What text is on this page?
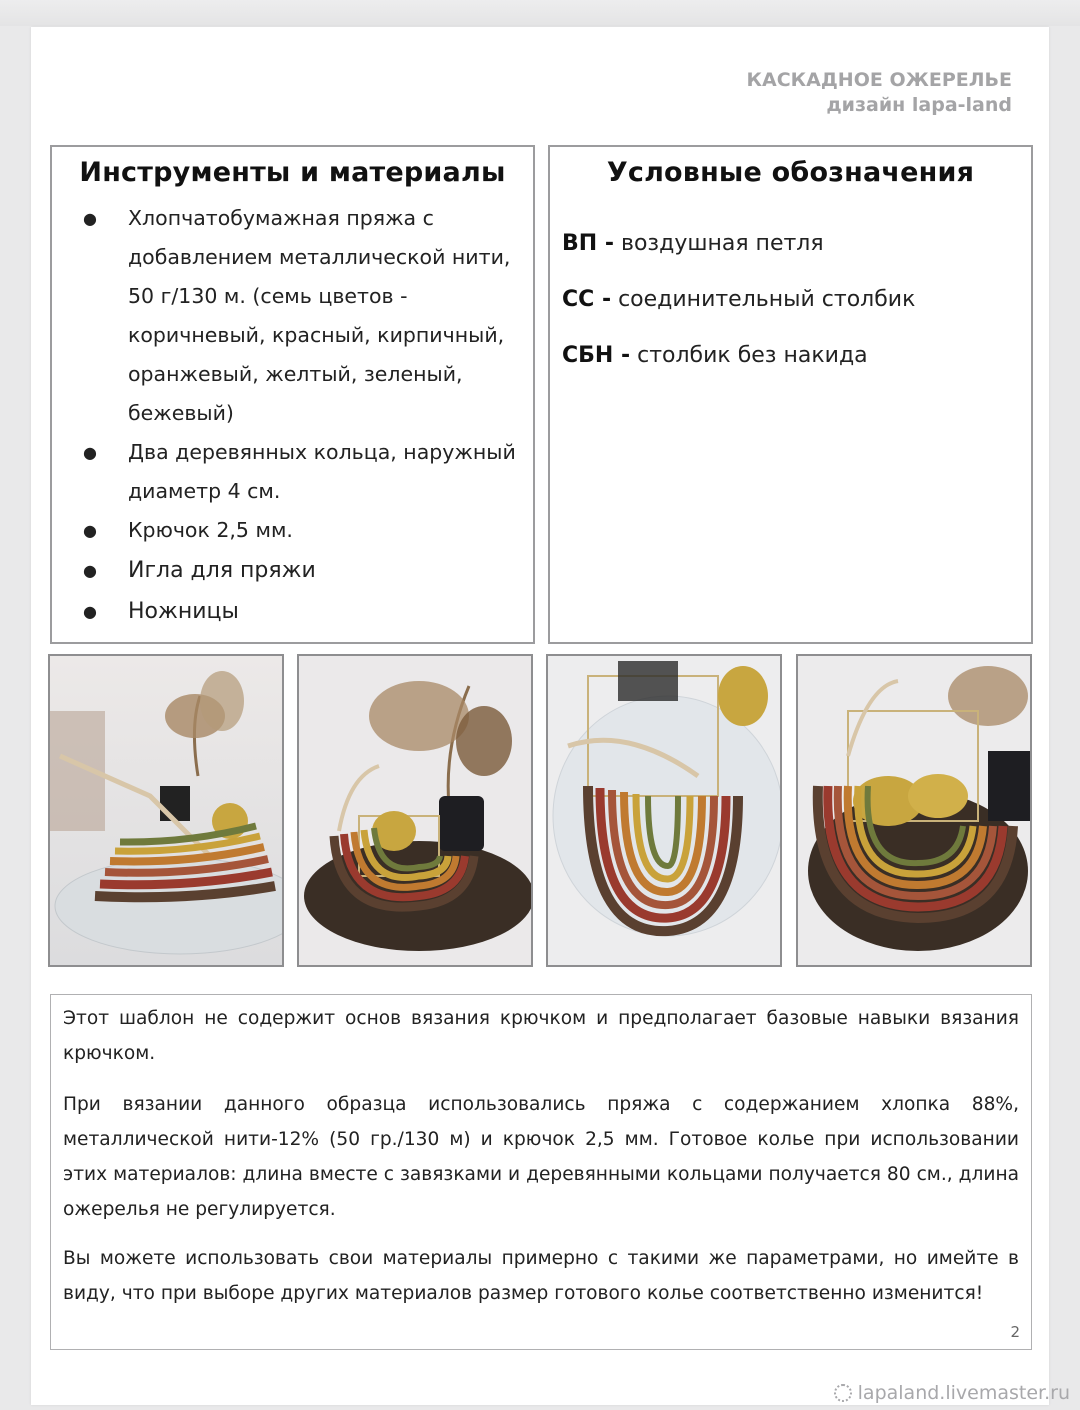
КАСКАДНОЕ ОЖЕРЕЛЬЕ
дизайн lapa-land
Инструменты и материалы
● Хлопчатобумажная пряжа с добавлением металлической нити, 50 г/130 м. (семь цветов - коричневый, красный, кирпичный, оранжевый, желтый, зеленый, бежевый)
● Два деревянных кольца, наружный диаметр 4 см.
● Крючок 2,5 мм.
● Игла для пряжи
● Ножницы
Условные обозначения
ВП - воздушная петля
СС - соединительный столбик
СБН - столбик без накида
Этот шаблон не содержит основ вязания крючком и предполагает базовые навыки вязания крючком.
При вязании данного образца использовались пряжа с содержанием хлопка 88%, металлической нити-12% (50 гр./130 м) и крючок 2,5 мм. Готовое колье при использовании этих материалов: длина вместе с завязками и деревянными кольцами получается 80 см., длина ожерелья не регулируется.
Вы можете использовать свои материалы примерно с такими же параметрами, но имейте в виду, что при выборе других материалов размер готового колье соответственно изменится!
2
lapaland.livemaster.ru
